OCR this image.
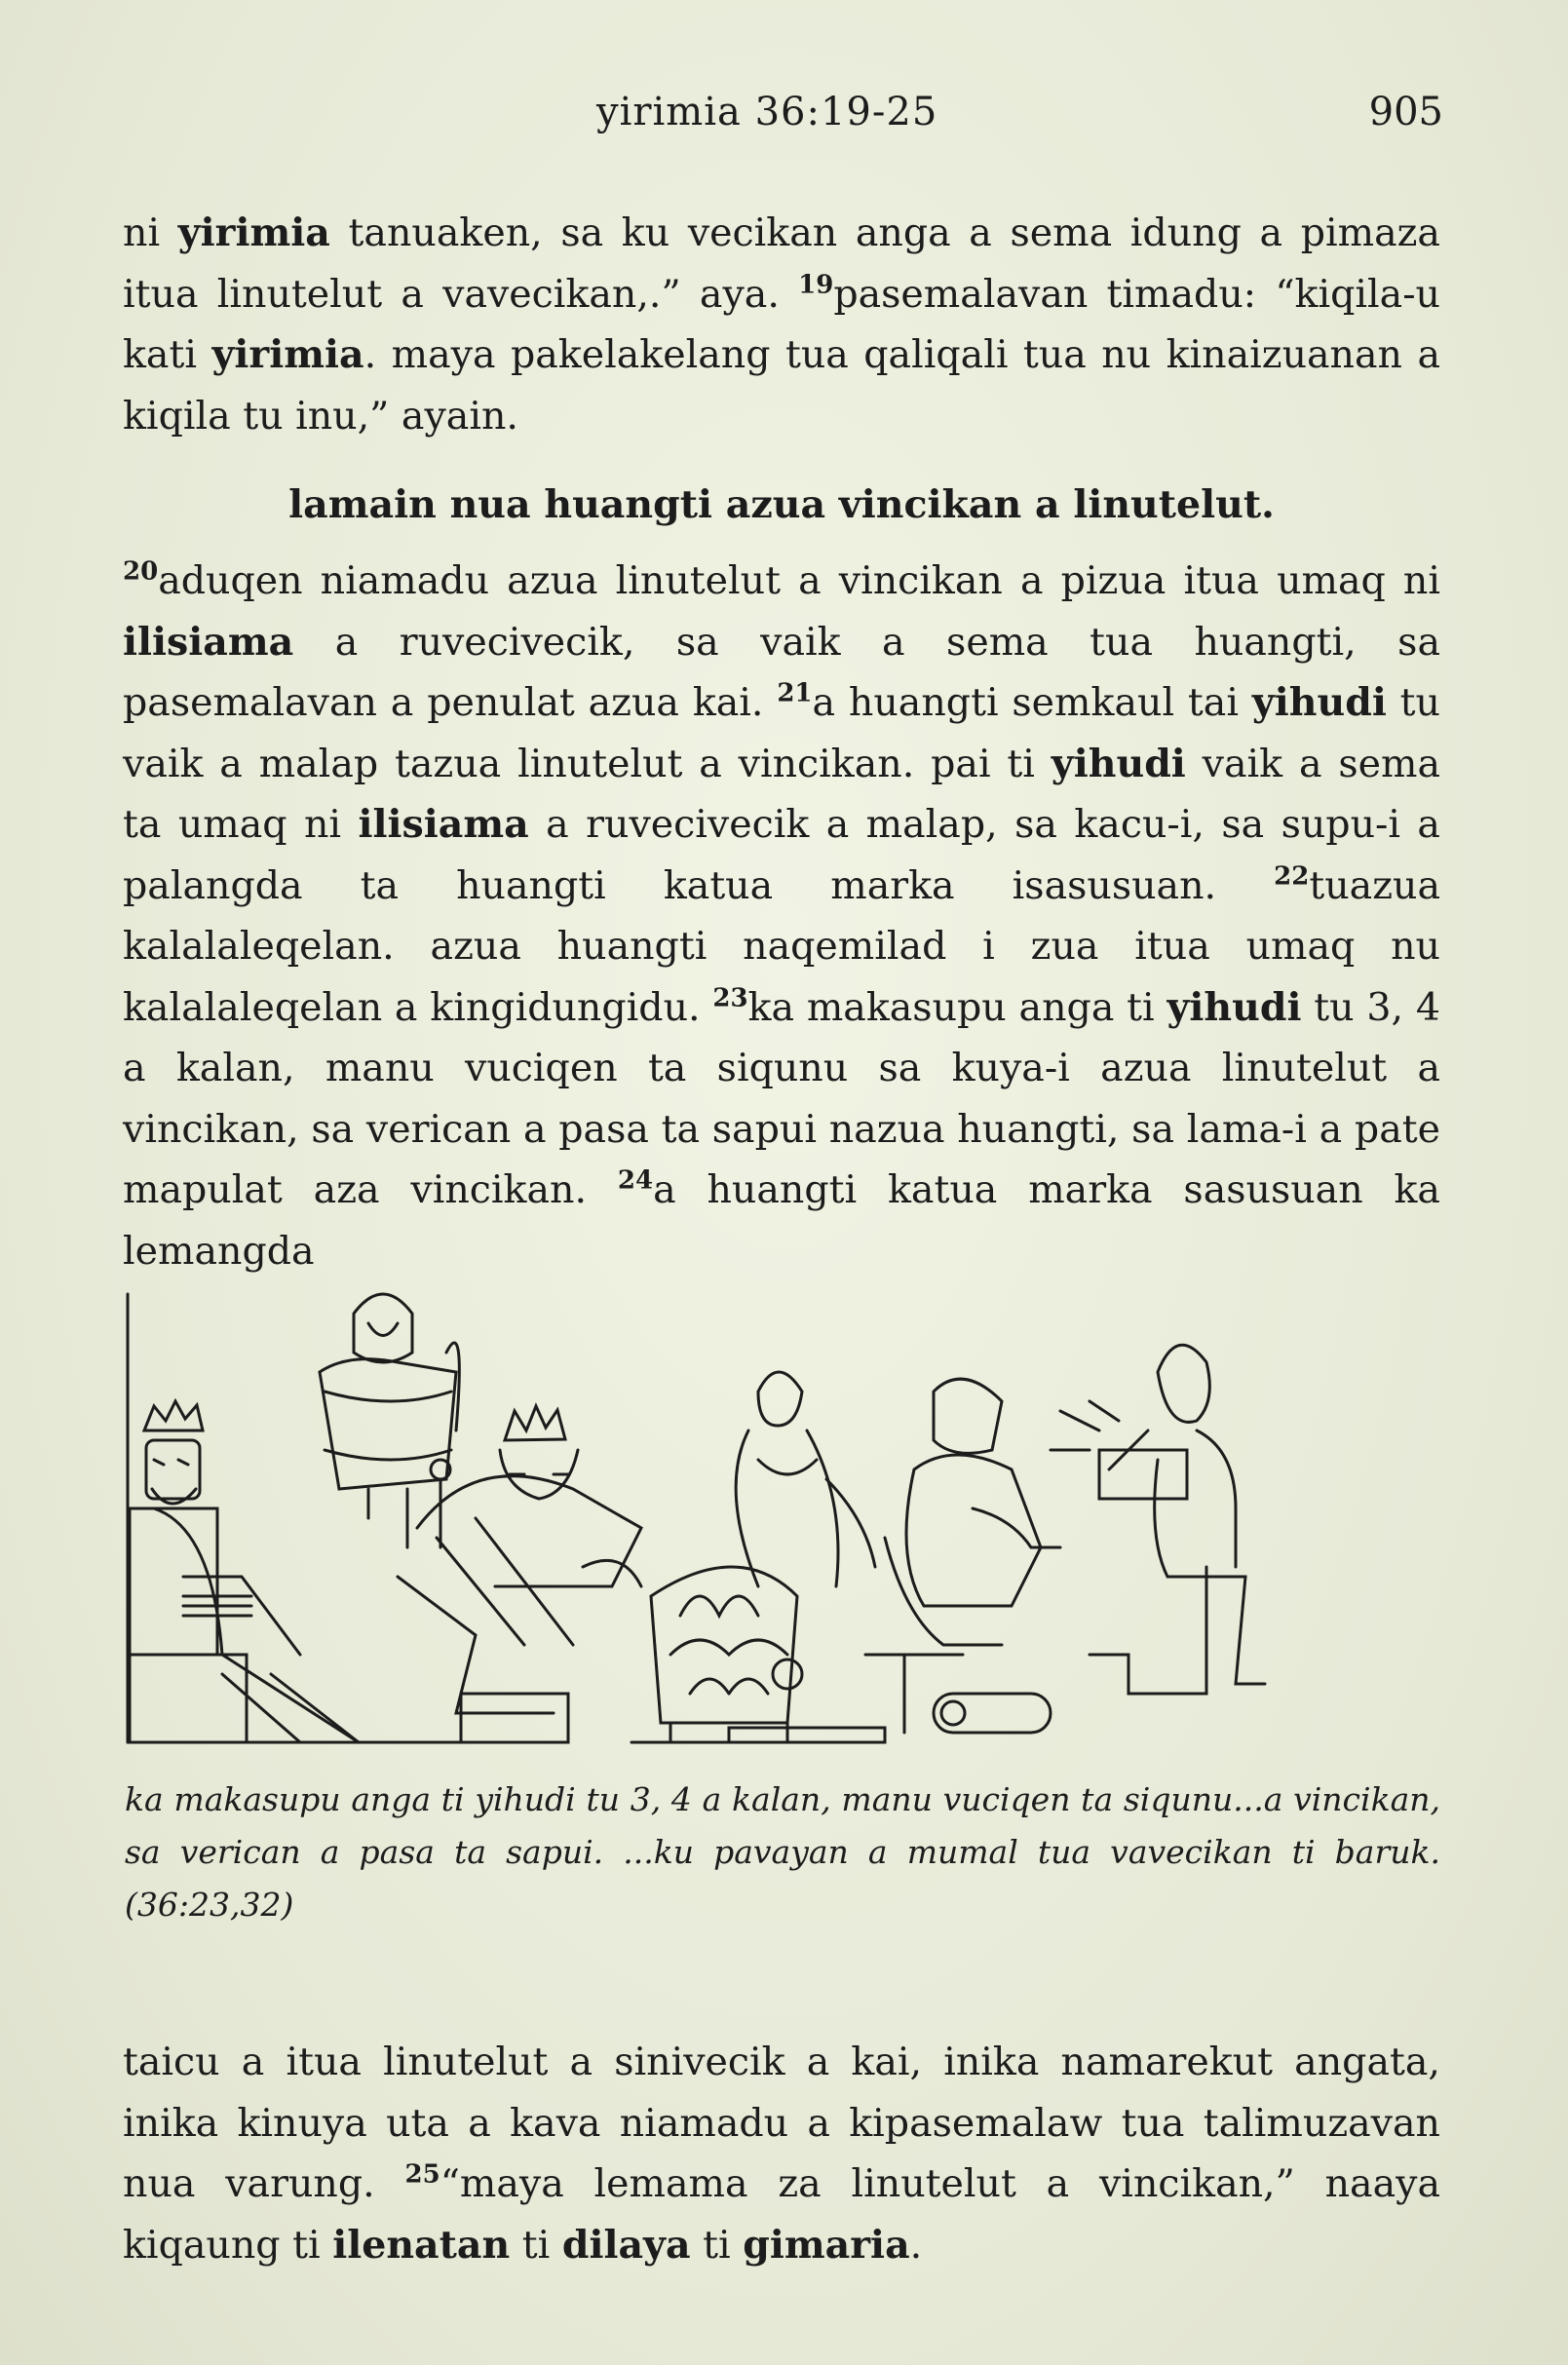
yirimia 36:19-25	905
ni yirimia tanuaken, sa ku vecikan anga a sema idung a pimaza itua linutelut a vavecikan,.” aya. $^{19}$pasemalavan timadu: “kiqila-u kati yirimia. maya pakelakelang tua qaliqali tua nu kinaizuanan a kiqila tu inu,” ayain.
lamain nua huangti azua vincikan a linutelut.
$^{20}$aduqen niamadu azua linutelut a vincikan a pizua itua umaq ni ilisiama a ruvecivecik, sa vaik a sema tua huangti, sa pasemalavan a penulat azua kai. $^{21}$a huangti semkaul tai yihudi tu vaik a malap tazua linutelut a vincikan. pai ti yihudi vaik a sema ta umaq ni ilisiama a ruvecivecik a malap, sa kacu-i, sa supu-i a palangda ta huangti katua marka isasusuan. $^{22}$tuazua kalalaleqelan. azua huangti naqemilad i zua itua umaq nu kalalaleqelan a kingidungidu. $^{23}$ka makasupu anga ti yihudi tu 3, 4 a kalan, manu vuciqen ta siqunu sa kuya-i azua linutelut a vincikan, sa verican a pasa ta sapui nazua huangti, sa lama-i a pate mapulat aza vincikan. $^{24}$a huangti katua marka sasusuan ka lemangda
ka makasupu anga ti yihudi tu 3, 4 a kalan, manu vuciqen ta siqunu...a vincikan, sa verican a pasa ta sapui. ...ku pavayan a mumal tua vavecikan ti baruk.(36:23,32)
taicu a itua linutelut a sinivecik a kai, inika namarekut angata, inika kinuya uta a kava niamadu a kipasemalaw tua talimuzavan nua varung. $^{25}$“maya lemama za linutelut a vincikan,” naaya kiqaung ti ilenatan ti dilaya ti gimaria.
